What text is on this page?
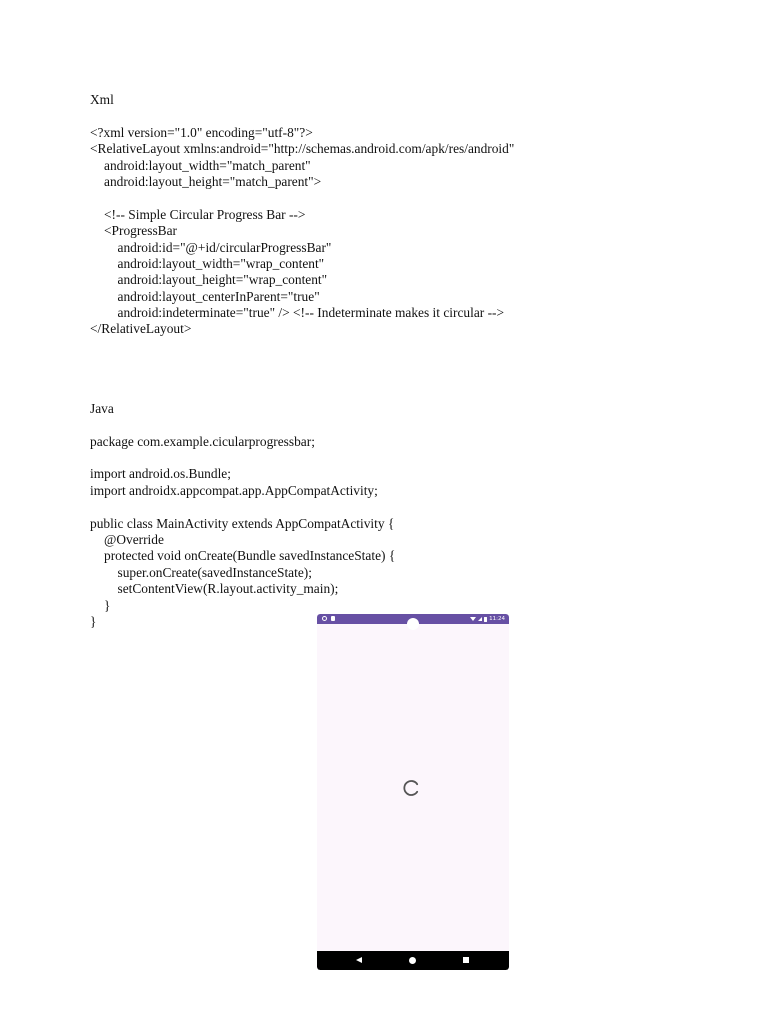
Xml
<?xml version="1.0" encoding="utf-8"?>
<RelativeLayout xmlns:android="http://schemas.android.com/apk/res/android"
android:layout_width="match_parent"
android:layout_height="match_parent">
<!-- Simple Circular Progress Bar -->
<ProgressBar
android:id="@+id/circularProgressBar"
android:layout_width="wrap_content"
android:layout_height="wrap_content"
android:layout_centerInParent="true"
android:indeterminate="true" /> <!-- Indeterminate makes it circular -->
</RelativeLayout>
Java
package com.example.cicularprogressbar;
import android.os.Bundle;
import androidx.appcompat.app.AppCompatActivity;
public class MainActivity extends AppCompatActivity {
@Override
protected void onCreate(Bundle savedInstanceState) {
super.onCreate(savedInstanceState);
setContentView(R.layout.activity_main);
}
}	11:24
